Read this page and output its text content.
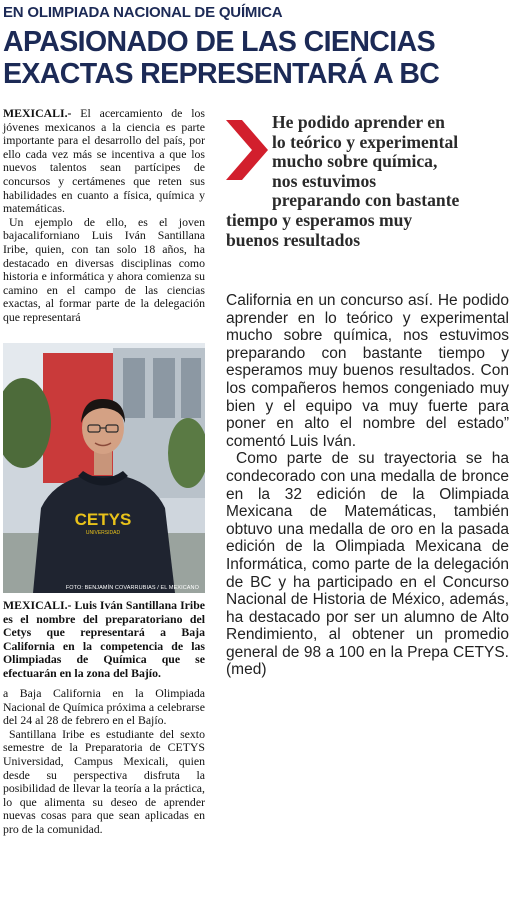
EN OLIMPIADA NACIONAL DE QUÍMICA
APASIONADO DE LAS CIENCIAS
EXACTAS REPRESENTARÁ A BC

MEXICALI.- El acercamiento de los jóvenes mexicanos a la ciencia es parte importante para el desarrollo del país, por ello cada vez más se incentiva a que los nuevos talentos sean partícipes de concursos y certámenes que reten sus habilidades en cuanto a física, química y matemáticas.

Un ejemplo de ello, es el joven bajacaliforniano Luis Iván Santillana Iribe, quien, con tan solo 18 años, ha destacado en diversas disciplinas como historia e informática y ahora comienza su camino en el campo de las ciencias exactas, al formar parte de la delegación que representará

CETYS
UNIVERSIDAD
FOTO: BENJAMÍN COVARRUBIAS / EL MEXICANO

MEXICALI.- Luis Iván Santillana Iribe es el nombre del preparatoriano del Cetys que representará a Baja California en la competencia de las Olimpiadas de Química que se efectuarán en la zona del Bajío.

a Baja California en la Olimpiada Nacional de Química próxima a celebrarse del 24 al 28 de febrero en el Bajío.

Santillana Iribe es estudiante del sexto semestre de la Preparatoria de CETYS Universidad, Campus Mexicali, quien desde su perspectiva disfruta la posibilidad de llevar la teoría a la práctica, lo que alimenta su deseo de aprender nuevas cosas para que sean aplicadas en pro de la comunidad.

He podido aprender en
lo teórico y experimental
mucho sobre química,
nos estuvimos
preparando con bastante
tiempo y esperamos muy
buenos resultados

California en un concurso así. He podido aprender en lo teórico y experimental mucho sobre química, nos estuvimos preparando con bastante tiempo y esperamos muy buenos resultados. Con los compañeros hemos congeniado muy bien y el equipo va muy fuerte para poner en alto el nombre del estado” comentó Luis Iván.

Como parte de su trayectoria se ha condecorado con una medalla de bronce en la 32 edición de la Olimpiada Mexicana de Matemáticas, también obtuvo una medalla de oro en la pasada edición de la Olimpiada Mexicana de Informática, como parte de la delegación de BC y ha participado en el Concurso Nacional de Historia de México, además, ha destacado por ser un alumno de Alto Rendimiento, al obtener un promedio general de 98 a 100 en la Prepa CETYS. (med)
